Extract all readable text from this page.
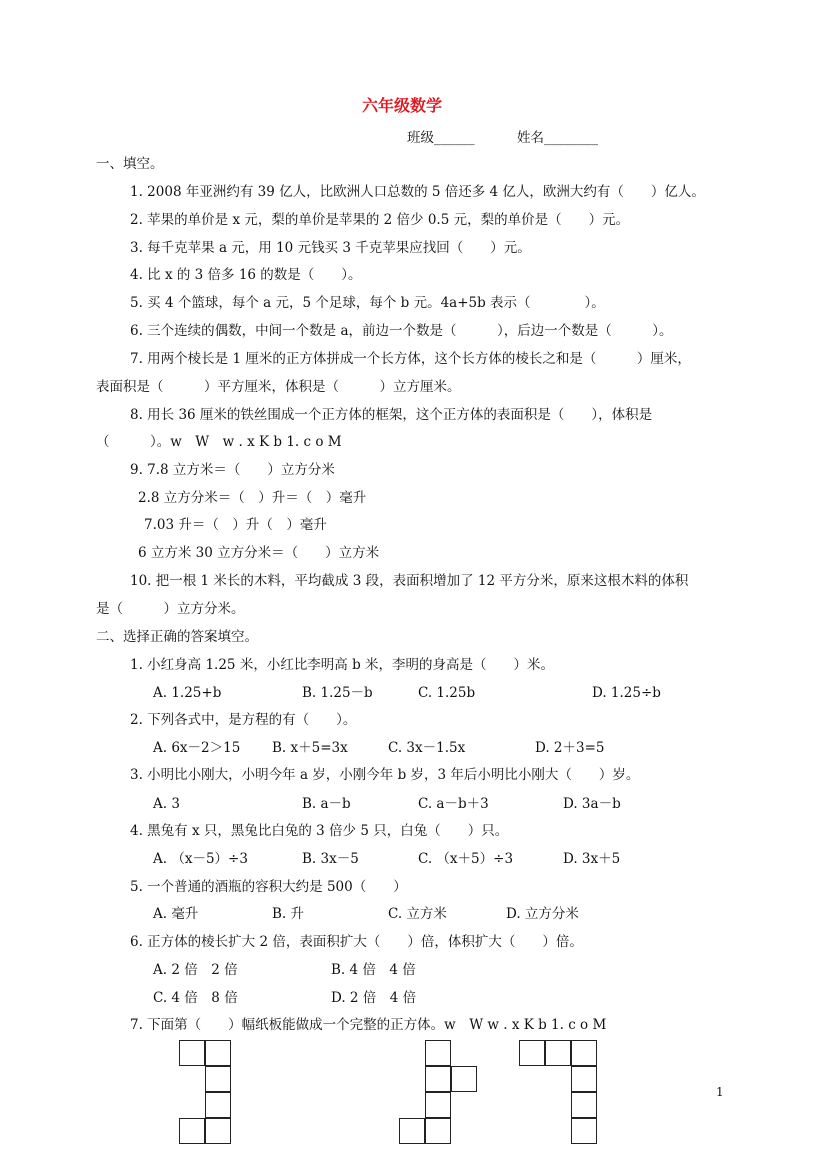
六年级数学
班级______	姓名________
一、填空。
1. 2008 年亚洲约有 39 亿人，比欧洲人口总数的 5 倍还多 4 亿人，欧洲大约有（　　）亿人。
2. 苹果的单价是 x 元，梨的单价是苹果的 2 倍少 0.5 元，梨的单价是（　　）元。
3. 每千克苹果 a 元，用 10 元钱买 3 千克苹果应找回（　　）元。
4. 比 x 的 3 倍多 16 的数是（　　）。
5. 买 4 个篮球，每个 a 元，5 个足球，每个 b 元。4a+5b 表示（　　　　）。
6. 三个连续的偶数，中间一个数是 a，前边一个数是（　　　），后边一个数是（　　　）。
7. 用两个棱长是 1 厘米的正方体拼成一个长方体，这个长方体的棱长之和是（　　　）厘米，
表面积是（　　　）平方厘米，体积是（　　　）立方厘米。
8. 用长 36 厘米的铁丝围成一个正方体的框架，这个正方体的表面积是（　　），体积是
（　　　）。w　W　w . x K b 1. c o M
9. 7.8 立方米＝（　　）立方分米
2.8 立方分米＝（　）升＝（　）毫升
7.03 升＝（　）升（　）毫升
6 立方米 30 立方分米＝（　　）立方米
10. 把一根 1 米长的木料，平均截成 3 段，表面积增加了 12 平方分米，原来这根木料的体积
是（　　　）立方分米。
二、选择正确的答案填空。
1. 小红身高 1.25 米，小红比李明高 b 米，李明的身高是（　　）米。
A. 1.25+b	B. 1.25－b	C. 1.25b	D. 1.25÷b
2. 下列各式中，是方程的有（　　）。
A. 6x－2＞15 B. x＋5=3x	C. 3x－1.5x	D. 2＋3=5
3. 小明比小刚大，小明今年 a 岁，小刚今年 b 岁，3 年后小明比小刚大（　　）岁。
A. 3	B. a－b	C. a－b＋3	D. 3a－b
4. 黑兔有 x 只，黑兔比白兔的 3 倍少 5 只，白兔（　　）只。
A. （x－5）÷3	B. 3x－5	C. （x＋5）÷3	D. 3x＋5
5. 一个普通的酒瓶的容积大约是 500（　　）
A. 毫升	B. 升	C. 立方米	D. 立方分米
6. 正方体的棱长扩大 2 倍，表面积扩大（　　）倍，体积扩大（　　）倍。
A. 2 倍　2 倍	B. 4 倍　4 倍
C. 4 倍　8 倍	D. 2 倍　4 倍
7. 下面第（　　）幅纸板能做成一个完整的正方体。w　W w . x K b 1. c o M
1
